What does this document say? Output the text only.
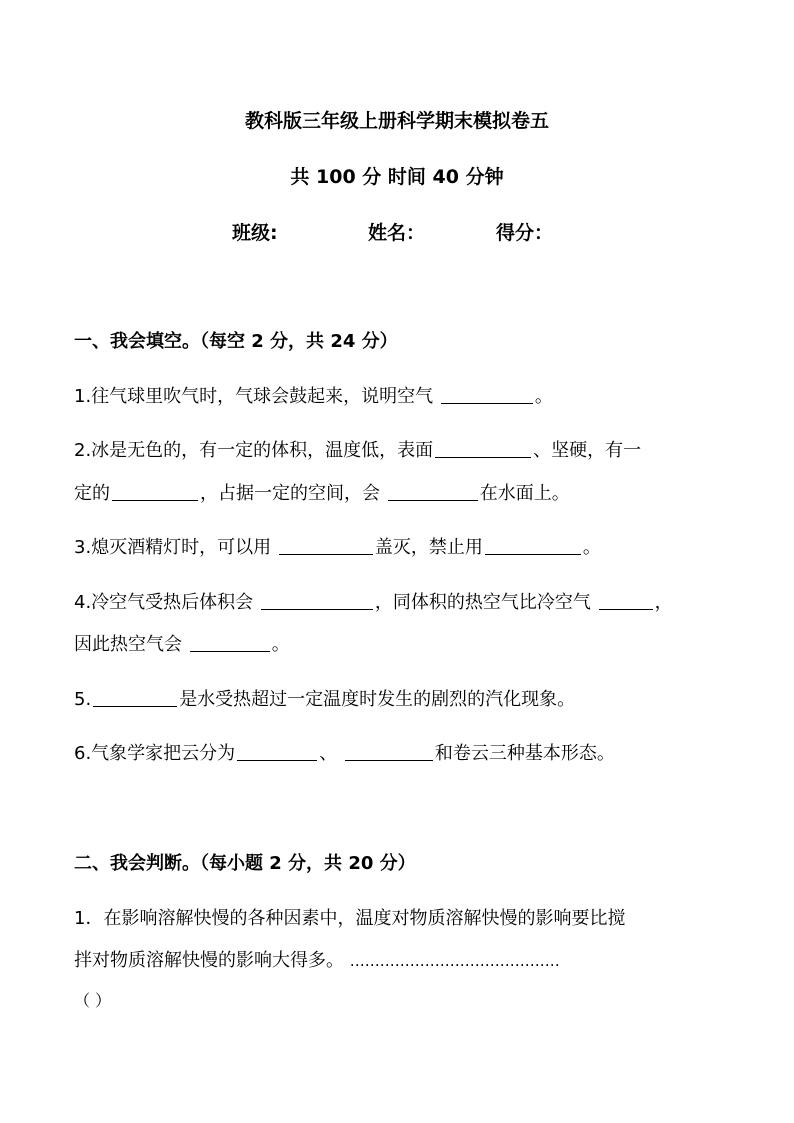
教科版三年级上册科学期末模拟卷五
共 100 分 时间 40 分钟
班级:	姓名：	得分：
一、我会填空。（每空 2 分，共 24 分）
1.往气球里吹气时，气球会鼓起来，说明空气	。
2.冰是无色的，有一定的体积，温度低，表面	、坚硬，有一
定的	，占据一定的空间，会	在水面上。
3.熄灭酒精灯时，可以用	盖灭，禁止用	。
4.冷空气受热后体积会	，同体积的热空气比冷空气	，
因此热空气会	。
5.	是水受热超过一定温度时发生的剧烈的汽化现象。
6.气象学家把云分为	、	和卷云三种基本形态。
二、我会判断。（每小题 2 分，共 20 分）
1．在影响溶解快慢的各种因素中，温度对物质溶解快慢的影响要比搅
拌对物质溶解快慢的影响大得多。 ……………………………………
（ ）
